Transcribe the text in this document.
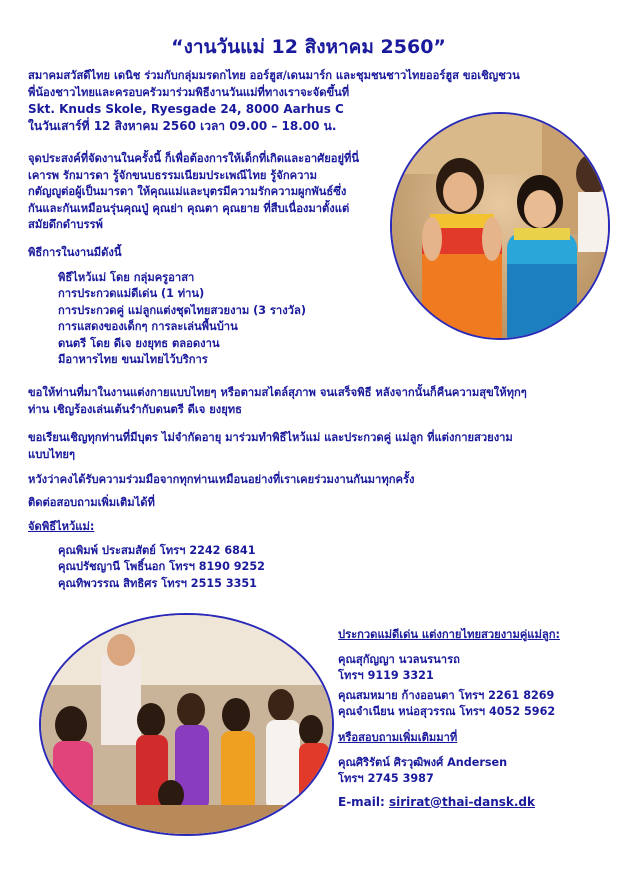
“งานวันแม่ 12 สิงหาคม 2560”

สมาคมสวัสดีไทย เดนิช ร่วมกับกลุ่มมรดกไทย ออร์ฮูส/เดนมาร์ก และชุมชนชาวไทยออร์ฮูส ขอเชิญชวน

พี่น้องชาวไทยและครอบครัวมาร่วมพิธีงานวันแม่ที่ทางเราจะจัดขึ้นที่

Skt. Knuds Skole, Ryesgade 24, 8000 Aarhus C

ในวันเสาร์ที่ 12 สิงหาคม 2560 เวลา 09.00 – 18.00 น.

จุดประสงค์ที่จัดงานในครั้งนี้ ก็เพื่อต้องการให้เด็กที่เกิดและอาศัยอยู่ที่นี่

เคารพ รักมารดา รู้จักขนบธรรมเนียมประเพณีไทย รู้จักความ

กตัญญูต่อผู้เป็นมารดา ให้คุณแม่และบุตรมีความรักความผูกพันธ์ซึ่ง

กันและกันเหมือนรุ่นคุณปู่ คุณย่า คุณตา คุณยาย ที่สืบเนื่องมาตั้งแต่

สมัยดึกดำบรรพ์

พิธีการในงานมีดังนี้

พิธีไหว้แม่ โดย กลุ่มครูอาสา

การประกวดแม่ดีเด่น (1 ท่าน)

การประกวดคู่ แม่ลูกแต่งชุดไทยสวยงาม (3 รางวัล)

การแสดงของเด็กๆ การละเล่นพื้นบ้าน

ดนตรี โดย ดีเจ ยงยุทธ ตลอดงาน

มีอาหารไทย ขนมไทยไว้บริการ

ขอให้ท่านที่มาในงานแต่งกายแบบไทยๆ หรือตามสไตล์สุภาพ จนเสร็จพิธี หลังจากนั้นก็คืนความสุขให้ทุกๆ

ท่าน เชิญร้องเล่นเต้นรำกับดนตรี ดีเจ ยงยุทธ

ขอเรียนเชิญทุกท่านที่มีบุตร ไม่จำกัดอายุ มาร่วมทำพิธีไหว้แม่ และประกวดคู่ แม่ลูก ที่แต่งกายสวยงาม

แบบไทยๆ

หวังว่าคงได้รับความร่วมมือจากทุกท่านเหมือนอย่างที่เราเคยร่วมงานกันมาทุกครั้ง
ติดต่อสอบถามเพิ่มเติมได้ที่

จัดพิธีไหว้แม่:

คุณพิมพ์ ประสมสัตย์ โทรฯ 2242 6841

คุณปรัชญานี โพธิ์นอก โทรฯ 8190 9252

คุณทิพวรรณ สิทธิศร โทรฯ 2515 3351

ประกวดแม่ดีเด่น แต่งกายไทยสวยงามคู่แม่ลูก:

คุณสุกัญญา นวลนรนารถ

โทรฯ 9119 3321

คุณสมหมาย ก้างออนตา โทรฯ 2261 8269

คุณจำเนียน หน่อสุวรรณ โทรฯ 4052 5962

หรือสอบถามเพิ่มเติมมาที่

คุณศิริรัตน์ ศิรวุฒิพงศ์ Andersen

โทรฯ 2745 3987

E-mail: sirirat@thai-dansk.dk
